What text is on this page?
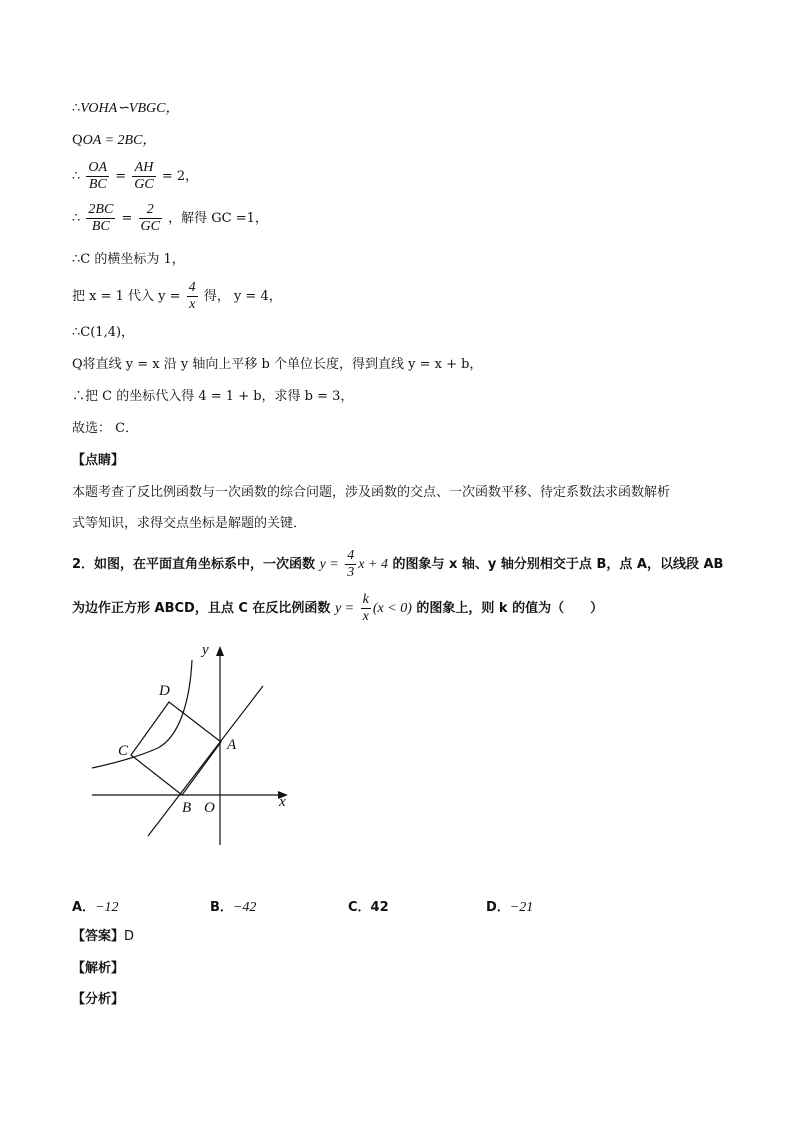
∴VOHA∽VBGC，
QOA = 2BC，
∴ $\frac{OA}{BC} = \frac{AH}{GC} = 2$，
∴ $\frac{2BC}{BC} = \frac{2}{GC}$ ，解得 GC =1，
∴C 的横坐标为 1，
把 x = 1 代入 $y = \frac{4}{x}$ 得， y = 4，
∴C(1,4)，
Q将直线 y = x 沿 y 轴向上平移 b 个单位长度，得到直线 y = x + b，
∴把 C 的坐标代入得 4 = 1 + b，求得 b = 3，
故选： C．
【点睛】
本题考查了反比例函数与一次函数的综合问题，涉及函数的交点、一次函数平移、待定系数法求函数解析
式等知识，求得交点坐标是解题的关键．
2．如图，在平面直角坐标系中，一次函数 $y = \frac{4}{3}$ x + 4 的图象与 x 轴、y 轴分别相交于点 B，点 A，以线段 AB
为边作正方形 ABCD，且点 C 在反比例函数 $y = \frac{k}{x} (x < 0)$ 的图象上，则 k 的值为（　　）
y
x
D
C	A
B O
A．−12	B．−42	C．42	D．−21
【答案】D
【解析】
【分析】
